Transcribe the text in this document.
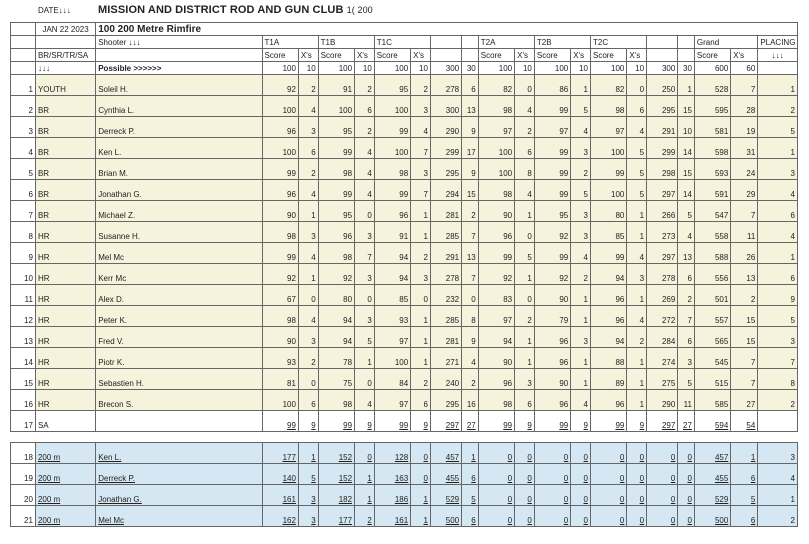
DATE↓↓↓ MISSION AND DISTRICT ROD AND GUN CLUB 1( 200
	JAN 22 2023	100 200 Metre Rimfire																			
		Shooter ↓↓↓	T1A		T1B		T1C				T2A		T2B		T2C				Grand		PLACING
	BR/SR/TR/SA		Score	X's	Score	X's	Score	X's			Score	X's	Score	X's	Score	X's			Score	X's	↓↓↓
	↓↓↓	Possible >>>>>>	100	10	100	10	100	10	300	30	100	10	100	10	100	10	300	30	600	60	
1	YOUTH	Soleil H.	92	2	91	2	95	2	278	6	82	0	86	1	82	0	250	1	528	7	1
2	BR	Cynthia L.	100	4	100	6	100	3	300	13	98	4	99	5	98	6	295	15	595	28	2
3	BR	Derreck P.	96	3	95	2	99	4	290	9	97	2	97	4	97	4	291	10	581	19	5
4	BR	Ken L.	100	6	99	4	100	7	299	17	100	6	99	3	100	5	299	14	598	31	1
5	BR	Brian M.	99	2	98	4	98	3	295	9	100	8	99	2	99	5	298	15	593	24	3
6	BR	Jonathan G.	96	4	99	4	99	7	294	15	98	4	99	5	100	5	297	14	591	29	4
7	BR	Michael Z.	90	1	95	0	96	1	281	2	90	1	95	3	80	1	266	5	547	7	6
8	HR	Susanne H.	98	3	96	3	91	1	285	7	96	0	92	3	85	1	273	4	558	11	4
9	HR	Mel Mc	99	4	98	7	94	2	291	13	99	5	99	4	99	4	297	13	588	26	1
10	HR	Kerr Mc	92	1	92	3	94	3	278	7	92	1	92	2	94	3	278	6	556	13	6
11	HR	Alex D.	67	0	80	0	85	0	232	0	83	0	90	1	96	1	269	2	501	2	9
12	HR	Peter K.	98	4	94	3	93	1	285	8	97	2	79	1	96	4	272	7	557	15	5
13	HR	Fred V.	90	3	94	5	97	1	281	9	94	1	96	3	94	2	284	6	565	15	3
14	HR	Piotr K.	93	2	78	1	100	1	271	4	90	1	96	1	88	1	274	3	545	7	7
15	HR	Sebastien H.	81	0	75	0	84	2	240	2	96	3	90	1	89	1	275	5	515	7	8
16	HR	Brecon S.	100	6	98	4	97	6	295	16	98	6	96	4	96	1	290	11	585	27	2
17	SA		99	9	99	9	99	9	297	27	99	9	99	9	99	9	297	27	594	54	

18	200 m	Ken L.	177	1	152	0	128	0	457	1	0	0	0	0	0	0	0	0	457	1	3
19	200 m	Derreck P.	140	5	152	1	163	0	455	6	0	0	0	0	0	0	0	0	455	6	4
20	200 m	Jonathan G.	161	3	182	1	186	1	529	5	0	0	0	0	0	0	0	0	529	5	1
21	200 m	Mel Mc	162	3	177	2	161	1	500	6	0	0	0	0	0	0	0	0	500	6	2
